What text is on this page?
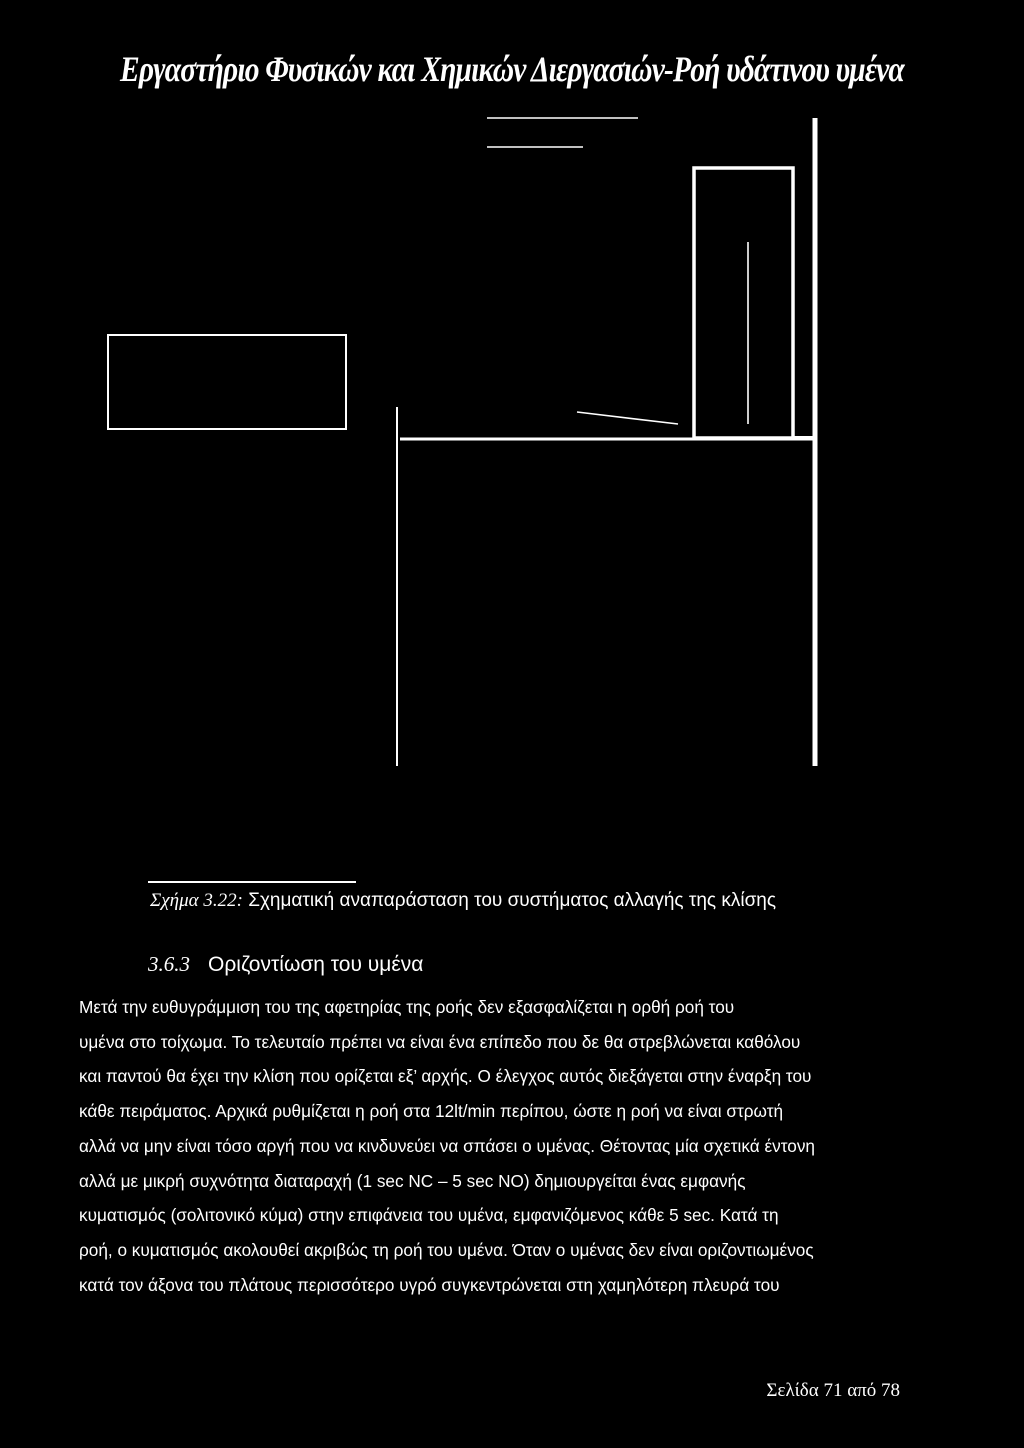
Εργαστήριο Φυσικών και Χημικών Διεργασιών-Ροή υδάτινου υμένα
Σχήμα 3.22: Σχηματική αναπαράσταση του συστήματος αλλαγής της κλίσης
3.6.3 Οριζοντίωση του υμένα
Μετά την ευθυγράμμιση του της αφετηρίας της ροής δεν εξασφαλίζεται η ορθή ροή του
υμένα στο τοίχωμα. Το τελευταίο πρέπει να είναι ένα επίπεδο που δε θα στρεβλώνεται καθόλου
και παντού θα έχει την κλίση που ορίζεται εξ’ αρχής. Ο έλεγχος αυτός διεξάγεται στην έναρξη του
κάθε πειράματος. Αρχικά ρυθμίζεται η ροή στα 12lt/min περίπου, ώστε η ροή να είναι στρωτή
αλλά να μην είναι τόσο αργή που να κινδυνεύει να σπάσει ο υμένας. Θέτοντας μία σχετικά έντονη
αλλά με μικρή συχνότητα διαταραχή (1 sec NC – 5 sec NO) δημιουργείται ένας εμφανής
κυματισμός (σολιτονικό κύμα) στην επιφάνεια του υμένα, εμφανιζόμενος κάθε 5 sec. Κατά τη
ροή, ο κυματισμός ακολουθεί ακριβώς τη ροή του υμένα. Όταν ο υμένας δεν είναι οριζοντιωμένος
κατά τον άξονα του πλάτους περισσότερο υγρό συγκεντρώνεται στη χαμηλότερη πλευρά του
Σελίδα 71 από 78
